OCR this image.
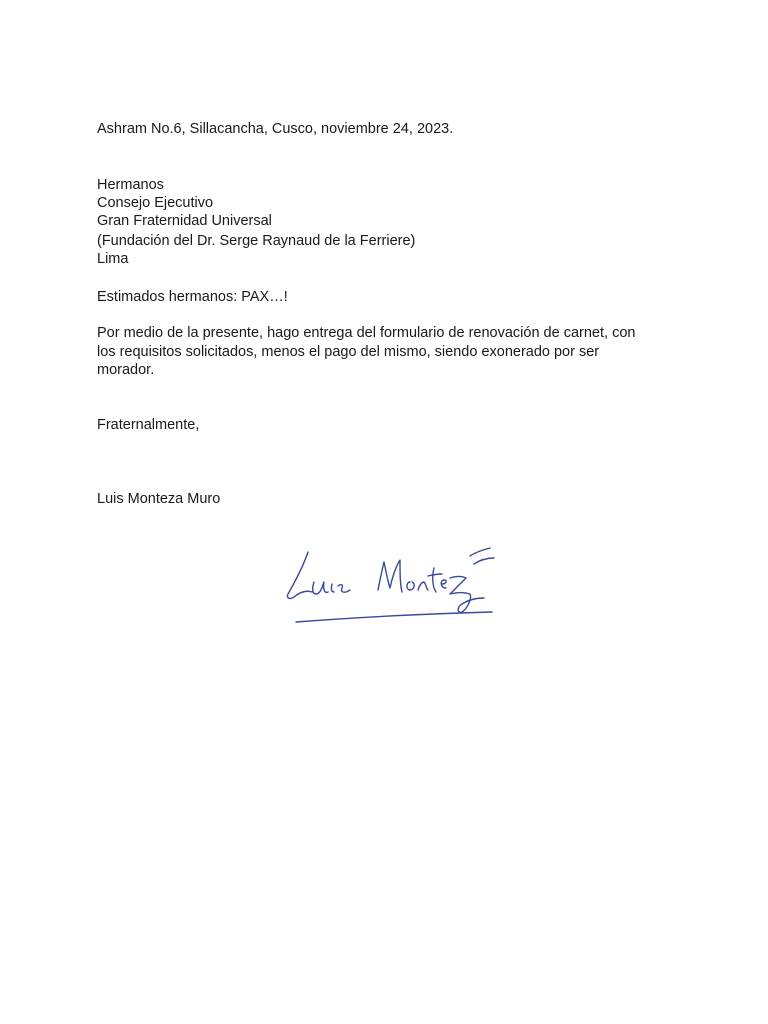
Ashram No.6, Sillacancha, Cusco, noviembre 24, 2023.
Hermanos
Consejo Ejecutivo
Gran Fraternidad Universal
(Fundación del Dr. Serge Raynaud de la Ferriere)
Lima
Estimados hermanos: PAX…!
Por medio de la presente, hago entrega del formulario de renovación de carnet, con
los requisitos solicitados, menos el pago del mismo, siendo exonerado por ser
morador.
Fraternalmente,
Luis Monteza Muro
